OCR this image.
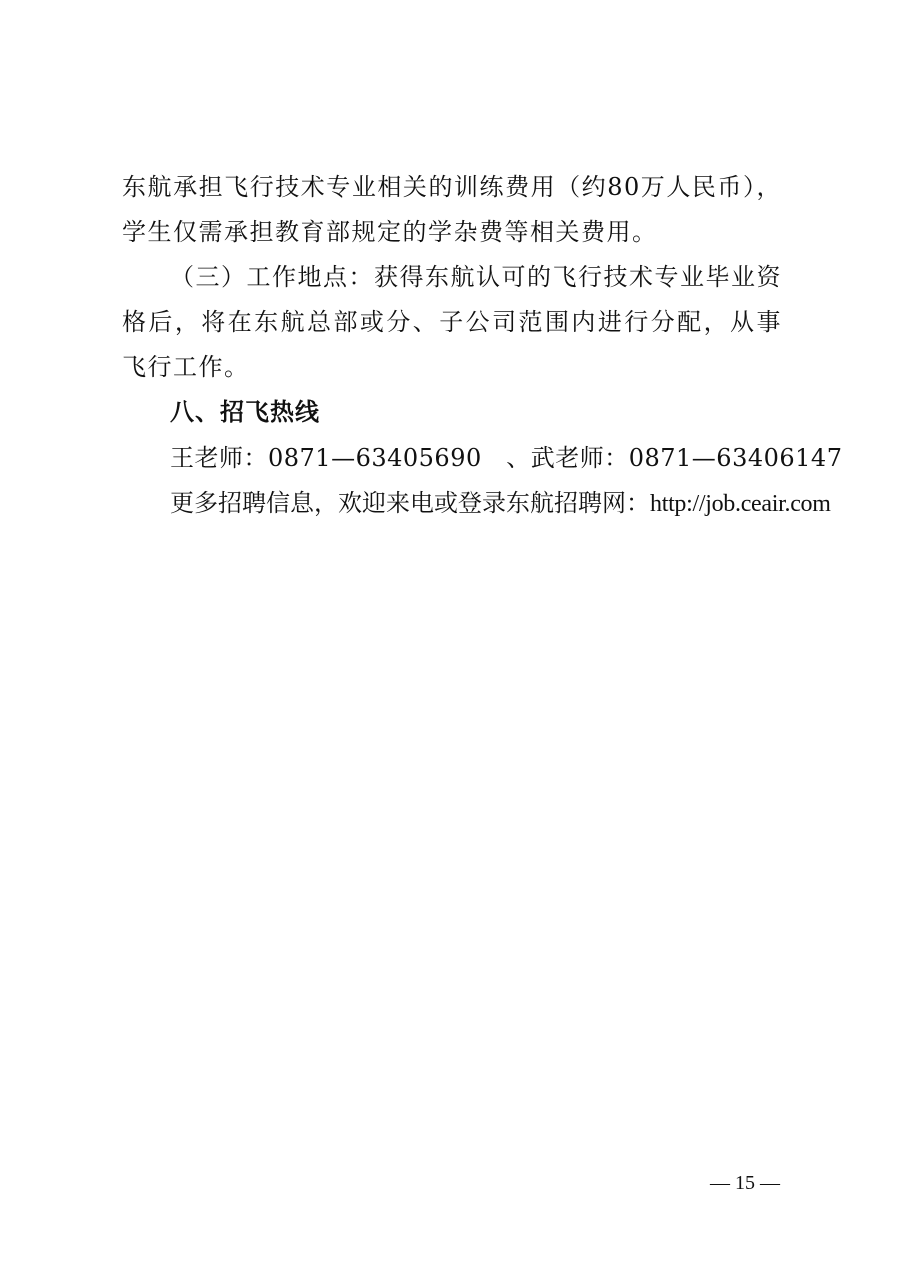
东航承担飞行技术专业相关的训练费用（约80万人民币），学生仅需承担教育部规定的学杂费等相关费用。

（三）工作地点：获得东航认可的飞行技术专业毕业资格后，将在东航总部或分、子公司范围内进行分配，从事飞行工作。

八、招飞热线

王老师：0871—63405690　、武老师：0871—63406147

更多招聘信息，欢迎来电或登录东航招聘网：http://job.ceair.com

— 15 —
